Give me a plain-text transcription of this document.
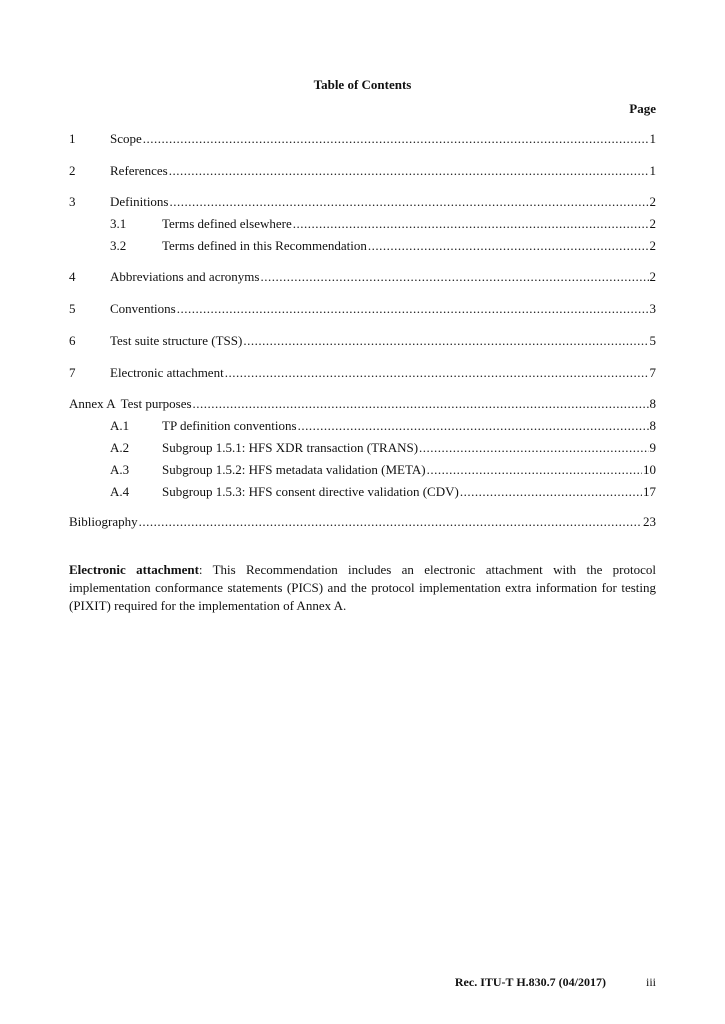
Table of Contents
Page
1	Scope .....	1
2	References .....	1
3	Definitions .....	2
3.1	Terms defined elsewhere .....	2
3.2	Terms defined in this Recommendation .....	2
4	Abbreviations and acronyms .....	2
5	Conventions .....	3
6	Test suite structure (TSS) .....	5
7	Electronic attachment .....	7
Annex A Test purposes .....	8
A.1	TP definition conventions .....	8
A.2	Subgroup 1.5.1: HFS XDR transaction (TRANS) .....	9
A.3	Subgroup 1.5.2: HFS metadata validation (META) .....	10
A.4	Subgroup 1.5.3: HFS consent directive validation (CDV) .....	17
Bibliography .....	23
Electronic attachment: This Recommendation includes an electronic attachment with the protocol implementation conformance statements (PICS) and the protocol implementation extra information for testing (PIXIT) required for the implementation of Annex A.
Rec. ITU-T H.830.7 (04/2017)	iii
